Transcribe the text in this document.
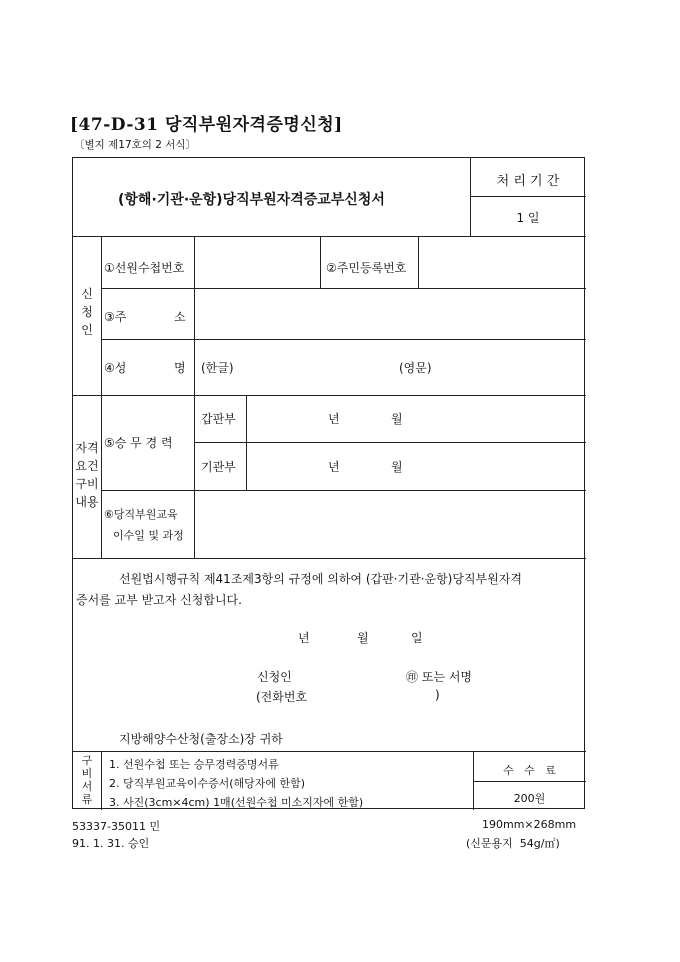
[47-D-31 당직부원자격증명신청]
〔별지 제17호의 2 서식〕
(항해·기관·운항)당직부원자격증교부신청서
처 리 기 간
1 일
신
청
인
①선원수첩번호	②주민등록번호
③주	소
④성	명 (한글)	(영문)
자격
요건
구비
내용
⑤승 무 경 력
갑판부	년	월
기관부	년	월
⑥당직부원교육
이수일 및 과정
선원법시행규칙 제41조제3항의 규정에 의하여 (갑판·기관·운항)당직부원자격
증서를 교부 받고자 신청합니다.
년	월	일
신청인	㊞ 또는 서명
(전화번호	)
지방해양수산청(출장소)장 귀하
구
비
서
류
1. 선원수첩 또는 승무경력증명서류
2. 당직부원교육이수증서(해당자에 한함)
3. 사진(3cm×4cm) 1매(선원수첩 미소지자에 한함)
수   수   료
200원
53337-35011 민
91. 1. 31. 승인
190mm×268mm
(신문용지  54g/㎡)
